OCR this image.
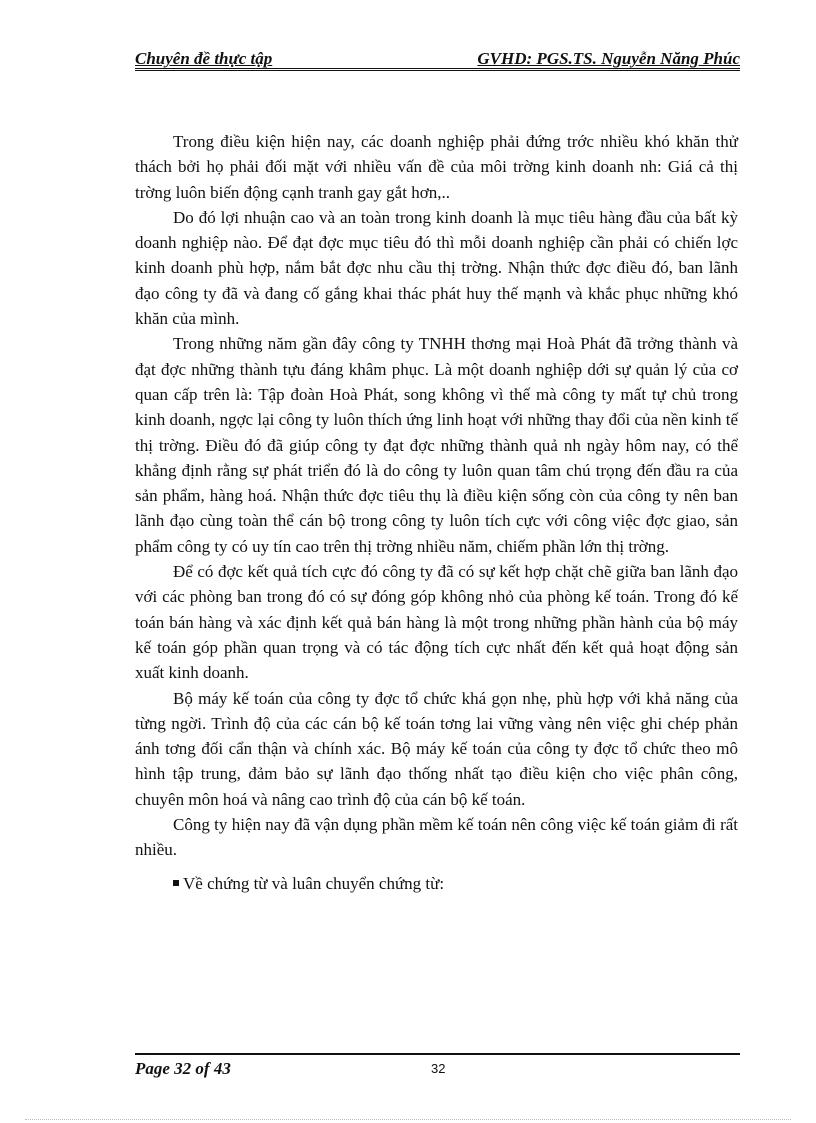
Chuyên đề thực tập	GVHD: PGS.TS. Nguyễn Năng Phúc

Trong điều kiện hiện nay, các doanh nghiệp phải đứng trớc nhiều khó khăn thử thách bởi họ phải đối mặt với nhiều vấn đề của môi trờng kinh doanh nh: Giá cả thị trờng luôn biến động cạnh tranh gay gắt hơn,..

Do đó lợi nhuận cao và an toàn trong kinh doanh là mục tiêu hàng đầu của bất kỳ doanh nghiệp nào. Để đạt đợc mục tiêu đó thì mỗi doanh nghiệp cần phải có chiến lợc kinh doanh phù hợp, nắm bắt đợc nhu cầu thị trờng. Nhận thức đợc điều đó, ban lãnh đạo công ty đã và đang cố gắng khai thác phát huy thế mạnh và khắc phục những khó khăn của mình.

Trong những năm gần đây công ty TNHH thơng mại Hoà Phát đã trởng thành và đạt đợc những thành tựu đáng khâm phục. Là một doanh nghiệp dới sự quản lý của cơ quan cấp trên là: Tập đoàn Hoà Phát, song không vì thế mà công ty mất tự chủ trong kinh doanh, ngợc lại công ty luôn thích ứng linh hoạt với những thay đổi của nền kinh tế thị trờng. Điều đó đã giúp công ty đạt đợc những thành quả nh ngày hôm nay, có thể khẳng định rằng sự phát triển đó là do công ty luôn quan tâm chú trọng đến đầu ra của sản phẩm, hàng hoá. Nhận thức đợc tiêu thụ là điều kiện sống còn của công ty nên ban lãnh đạo cùng toàn thể cán bộ trong công ty luôn tích cực với công việc đợc giao, sản phẩm công ty có uy tín cao trên thị trờng nhiều năm, chiếm phần lớn thị trờng.

Để có đợc kết quả tích cực đó công ty đã có sự kết hợp chặt chẽ giữa ban lãnh đạo với các phòng ban trong đó có sự đóng góp không nhỏ của phòng kế toán. Trong đó kế toán bán hàng và xác định kết quả bán hàng là một trong những phần hành của bộ máy kế toán góp phần quan trọng và có tác động tích cực nhất đến kết quả hoạt động sản xuất kinh doanh.

Bộ máy kế toán của công ty đợc tổ chức khá gọn nhẹ, phù hợp với khả năng của từng ngời. Trình độ của các cán bộ kế toán tơng lai vững vàng nên việc ghi chép phản ánh tơng đối cẩn thận và chính xác. Bộ máy kế toán của công ty đợc tổ chức theo mô hình tập trung, đảm bảo sự lãnh đạo thống nhất tạo điều kiện cho việc phân công, chuyên môn hoá và nâng cao trình độ của cán bộ kế toán.

Công ty hiện nay đã vận dụng phần mềm kế toán nên công việc kế toán giảm đi rất nhiều.

Về chứng từ và luân chuyển chứng từ:
Page 32 of 43	32
